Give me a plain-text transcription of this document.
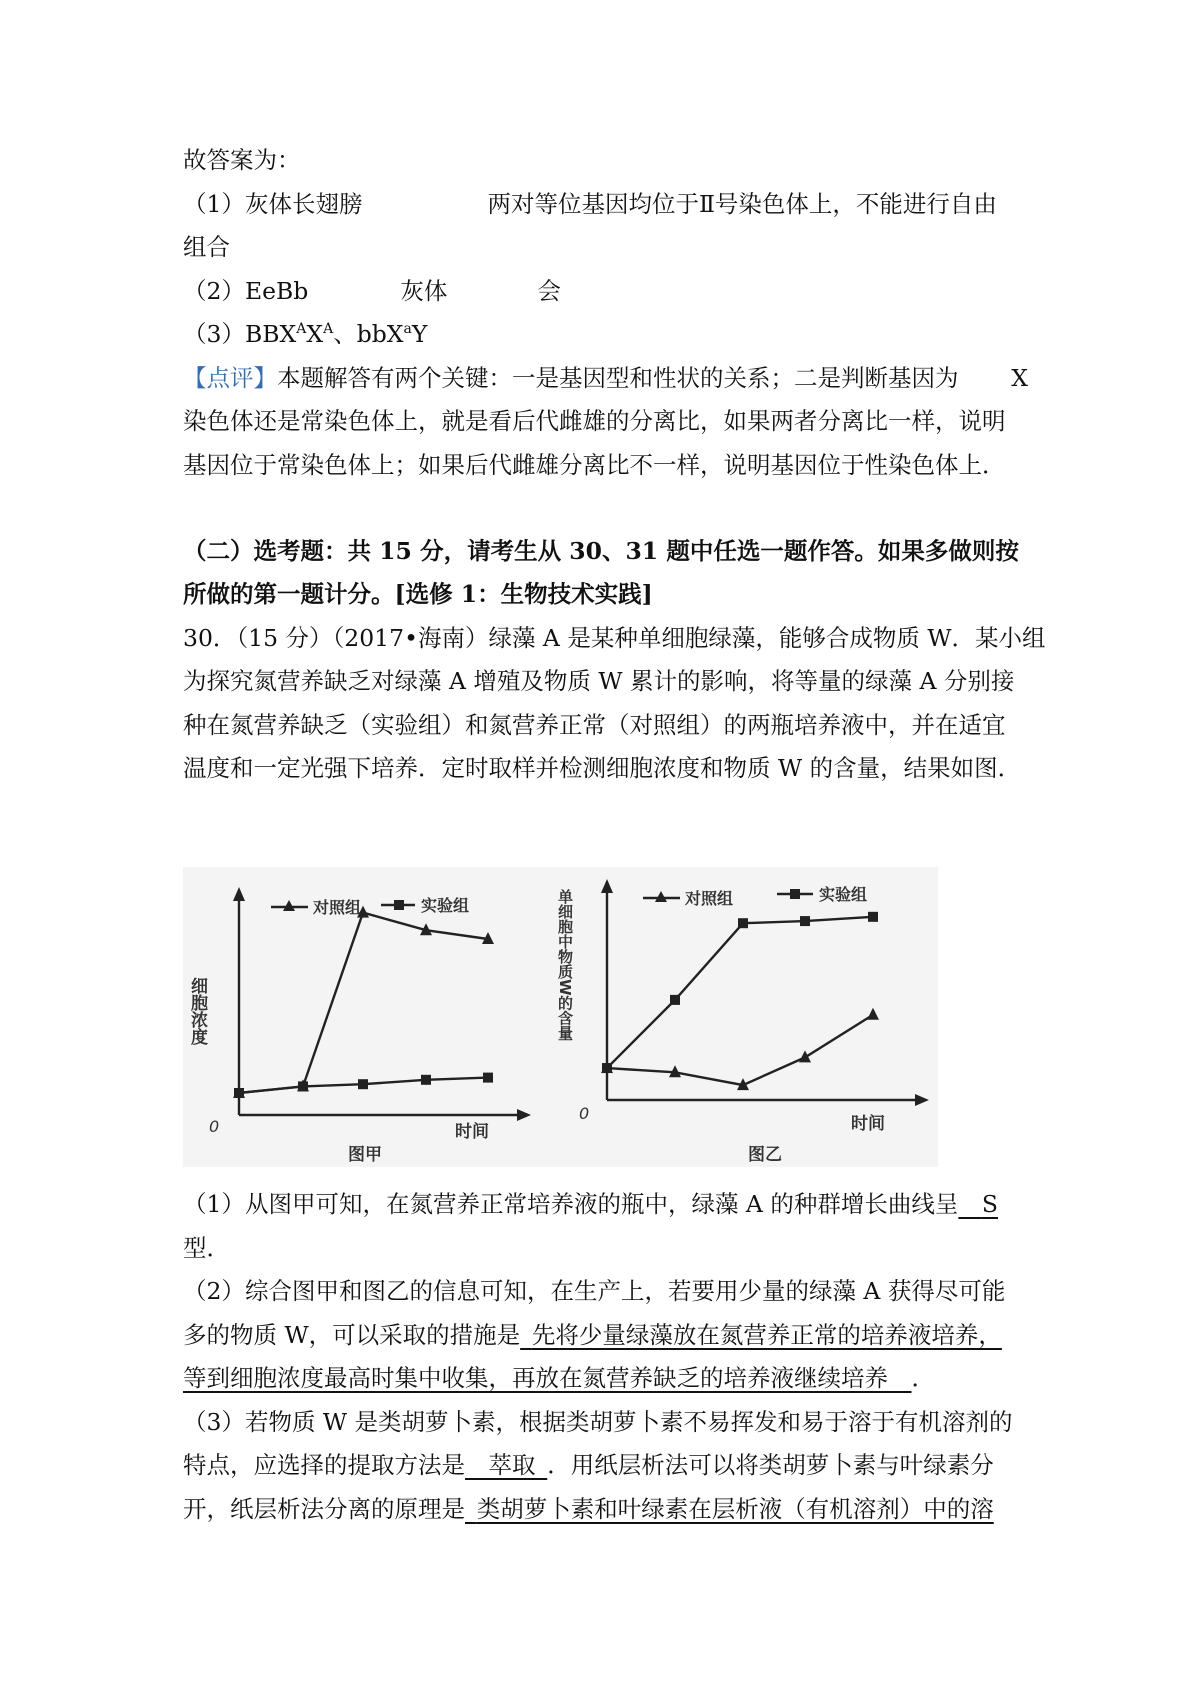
故答案为：
（1）灰体长翅膀	两对等位基因均位于Ⅱ号染色体上，不能进行自由
组合
（2）EeBb	灰体	会
$(3)BBX^AX^A$、bbX$^a$Y
【点评】本题解答有两个关键：一是基因型和性状的关系；二是判断基因为 X
染色体还是常染色体上，就是看后代雌雄的分离比，如果两者分离比一样，说明
基因位于常染色体上；如果后代雌雄分离比不一样，说明基因位于性染色体上．
（二）选考题：共 15 分，请考生从 30、31 题中任选一题作答。如果多做则按
所做的第一题计分。[选修 1：生物技术实践]
30．（15 分）（2017•海南）绿藻 A 是某种单细胞绿藻，能够合成物质 W．某小组
为探究氮营养缺乏对绿藻 A 增殖及物质 W 累计的影响，将等量的绿藻 A 分别接
种在氮营养缺乏（实验组）和氮营养正常（对照组）的两瓶培养液中，并在适宜
温度和一定光强下培养．定时取样并检测细胞浓度和物质 W 的含量，结果如图．
0	时间
细胞浓度
图甲
对照组	实验组
0
时间
单细胞中物质W的含量
图乙
对照组	实验组
（1）从图甲可知，在氮营养正常培养液的瓶中，绿藻 A 的种群增长曲线呈  S
型．
（2）综合图甲和图乙的信息可知，在生产上，若要用少量的绿藻 A 获得尽可能
多的物质 W，可以采取的措施是  先将少量绿藻放在氮营养正常的培养液培养，
等到细胞浓度最高时集中收集，再放在氮营养缺乏的培养液继续培养  ．
（3）若物质 W 是类胡萝卜素，根据类胡萝卜素不易挥发和易于溶于有机溶剂的
特点，应选择的提取方法是  萃取  ．用纸层析法可以将类胡萝卜素与叶绿素分
开，纸层析法分离的原理是  类胡萝卜素和叶绿素在层析液（有机溶剂）中的溶
